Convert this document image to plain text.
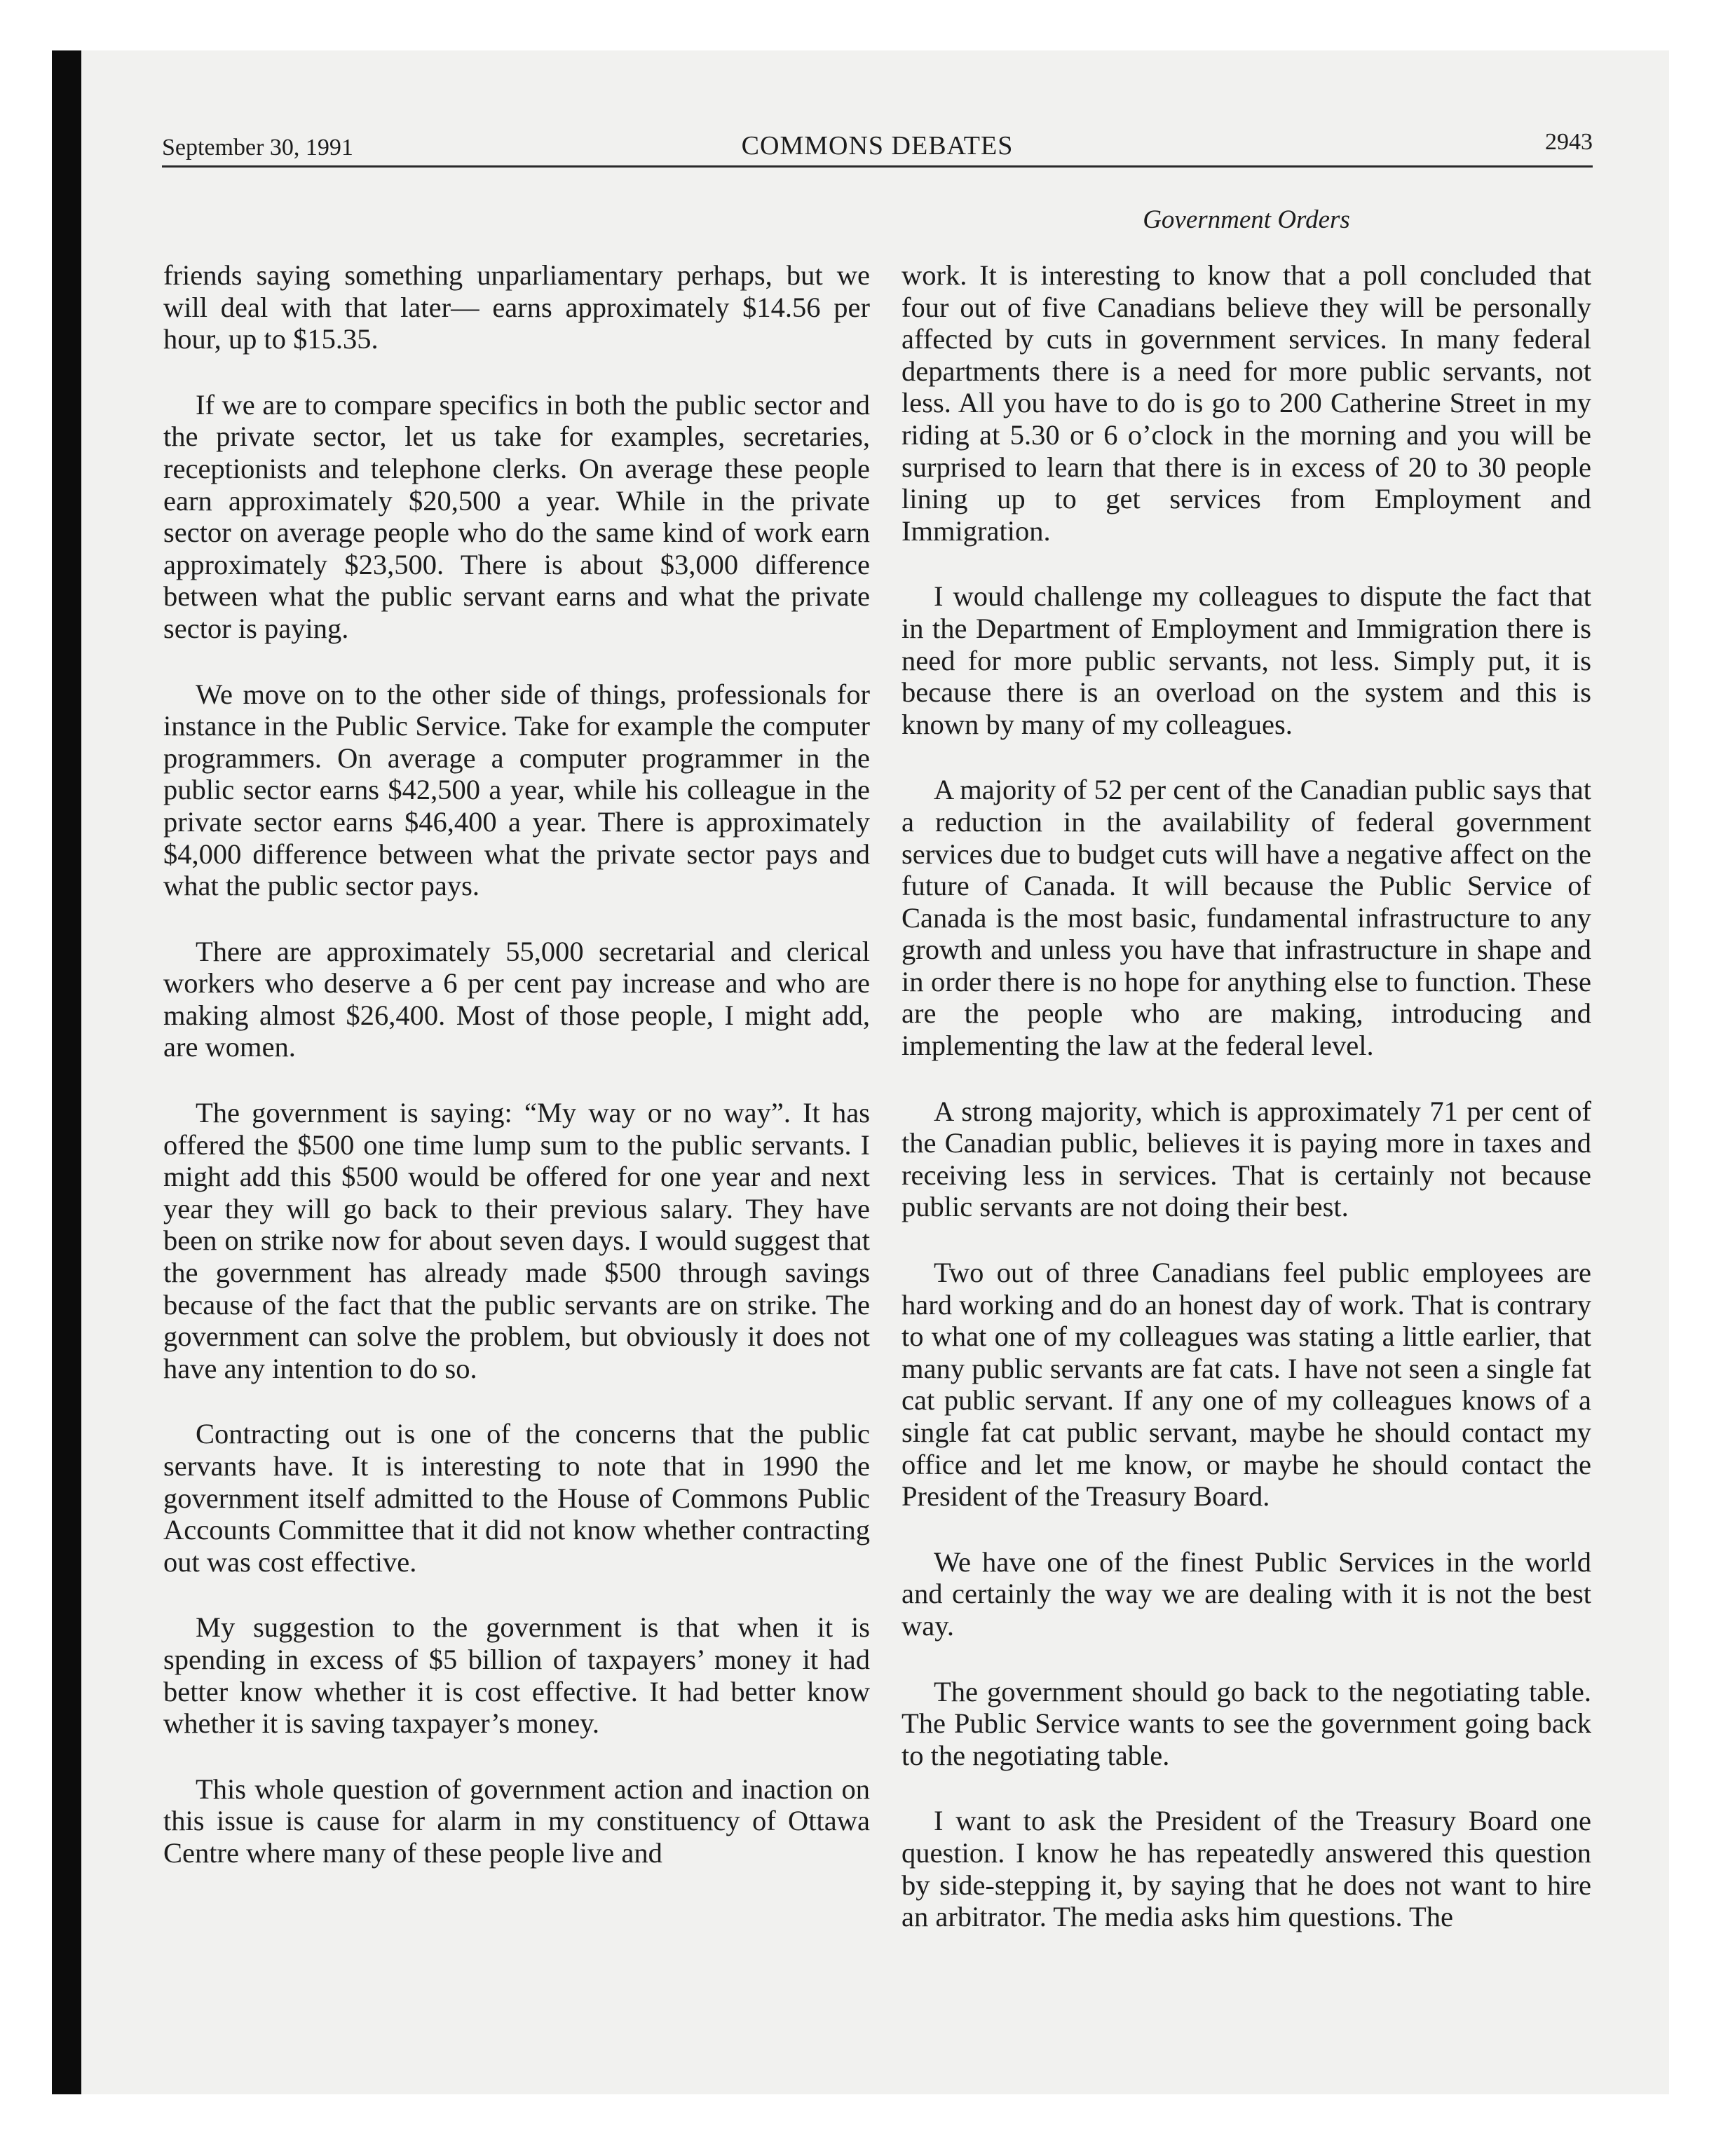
September 30, 1991	COMMONS DEBATES	2943
Government Orders

friends saying something unparliamentary perhaps, but we will deal with that later— earns approximately $14.56 per hour, up to $15.35.

If we are to compare specifics in both the public sector and the private sector, let us take for examples, secretaries, receptionists and telephone clerks. On average these people earn approximately $20,500 a year. While in the private sector on average people who do the same kind of work earn approximately $23,500. There is about $3,000 difference between what the public servant earns and what the private sector is paying.

We move on to the other side of things, professionals for instance in the Public Service. Take for example the computer programmers. On average a computer programmer in the public sector earns $42,500 a year, while his colleague in the private sector earns $46,400 a year. There is approximately $4,000 difference between what the private sector pays and what the public sector pays.

There are approximately 55,000 secretarial and clerical workers who deserve a 6 per cent pay increase and who are making almost $26,400. Most of those people, I might add, are women.

The government is saying: “My way or no way”. It has offered the $500 one time lump sum to the public servants. I might add this $500 would be offered for one year and next year they will go back to their previous salary. They have been on strike now for about seven days. I would suggest that the government has already made $500 through savings because of the fact that the public servants are on strike. The government can solve the problem, but obviously it does not have any intention to do so.

Contracting out is one of the concerns that the public servants have. It is interesting to note that in 1990 the government itself admitted to the House of Commons Public Accounts Committee that it did not know whether contracting out was cost effective.

My suggestion to the government is that when it is spending in excess of $5 billion of taxpayers’ money it had better know whether it is cost effective. It had better know whether it is saving taxpayer’s money.

This whole question of government action and inaction on this issue is cause for alarm in my constituency of Ottawa Centre where many of these people live and

work. It is interesting to know that a poll concluded that four out of five Canadians believe they will be personally affected by cuts in government services. In many federal departments there is a need for more public servants, not less. All you have to do is go to 200 Catherine Street in my riding at 5.30 or 6 o’clock in the morning and you will be surprised to learn that there is in excess of 20 to 30 people lining up to get services from Employment and Immigration.

I would challenge my colleagues to dispute the fact that in the Department of Employment and Immigration there is need for more public servants, not less. Simply put, it is because there is an overload on the system and this is known by many of my colleagues.

A majority of 52 per cent of the Canadian public says that a reduction in the availability of federal government services due to budget cuts will have a negative affect on the future of Canada. It will because the Public Service of Canada is the most basic, fundamental infrastructure to any growth and unless you have that infrastructure in shape and in order there is no hope for anything else to function. These are the people who are making, introducing and implementing the law at the federal level.

A strong majority, which is approximately 71 per cent of the Canadian public, believes it is paying more in taxes and receiving less in services. That is certainly not because public servants are not doing their best.

Two out of three Canadians feel public employees are hard working and do an honest day of work. That is contrary to what one of my colleagues was stating a little earlier, that many public servants are fat cats. I have not seen a single fat cat public servant. If any one of my colleagues knows of a single fat cat public servant, maybe he should contact my office and let me know, or maybe he should contact the President of the Treasury Board.

We have one of the finest Public Services in the world and certainly the way we are dealing with it is not the best way.

The government should go back to the negotiating table. The Public Service wants to see the government going back to the negotiating table.

I want to ask the President of the Treasury Board one question. I know he has repeatedly answered this question by side-stepping it, by saying that he does not want to hire an arbitrator. The media asks him questions. The
